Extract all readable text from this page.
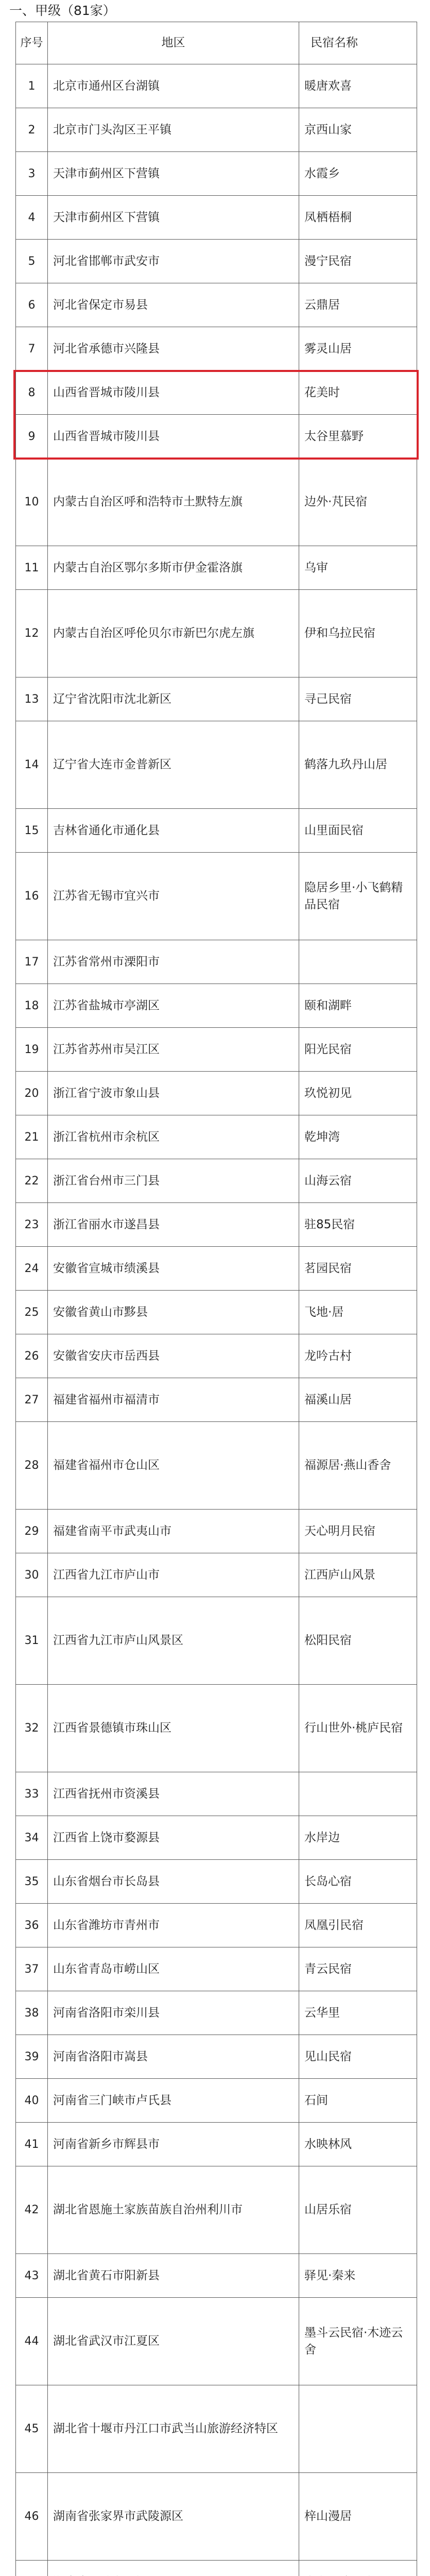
一、甲级（81家）
序号	地区	民宿名称
1	北京市通州区台湖镇	暖唐欢喜
2	北京市门头沟区王平镇	京西山家
3	天津市蓟州区下营镇	水霞乡
4	天津市蓟州区下营镇	凤栖梧桐
5	河北省邯郸市武安市	漫宁民宿
6	河北省保定市易县	云鼎居
7	河北省承德市兴隆县	雾灵山居
8	山西省晋城市陵川县	花美时
9	山西省晋城市陵川县	太谷里慕野
10	内蒙古自治区呼和浩特市土默特左旗	边外·芃民宿
11	内蒙古自治区鄂尔多斯市伊金霍洛旗	乌审
12	内蒙古自治区呼伦贝尔市新巴尔虎左旗	伊和乌拉民宿
13	辽宁省沈阳市沈北新区	寻己民宿
14	辽宁省大连市金普新区	鹤落九玖丹山居
15	吉林省通化市通化县	山里面民宿
16	江苏省无锡市宜兴市	隐居乡里·小飞鹤精品民宿
17	江苏省常州市溧阳市	
18	江苏省盐城市亭湖区	颐和湖畔
19	江苏省苏州市吴江区	阳光民宿
20	浙江省宁波市象山县	玖悦初见
21	浙江省杭州市余杭区	乾坤湾
22	浙江省台州市三门县	山海云宿
23	浙江省丽水市遂昌县	驻85民宿
24	安徽省宣城市绩溪县	茗园民宿
25	安徽省黄山市黟县	飞地·居
26	安徽省安庆市岳西县	龙吟古村
27	福建省福州市福清市	福溪山居
28	福建省福州市仓山区	福源居·燕山香舍
29	福建省南平市武夷山市	天心明月民宿
30	江西省九江市庐山市	江西庐山风景
31	江西省九江市庐山风景区	松阳民宿
32	江西省景德镇市珠山区	行山世外·桃庐民宿
33	江西省抚州市资溪县	
34	江西省上饶市婺源县	水岸边
35	山东省烟台市长岛县	长岛心宿
36	山东省潍坊市青州市	凤凰引民宿
37	山东省青岛市崂山区	青云民宿
38	河南省洛阳市栾川县	云华里
39	河南省洛阳市嵩县	见山民宿
40	河南省三门峡市卢氏县	石间
41	河南省新乡市辉县市	水映林风
42	湖北省恩施土家族苗族自治州利川市	山居乐宿
43	湖北省黄石市阳新县	驿见·秦来
44	湖北省武汉市江夏区	墨斗云民宿·木迹云舍
45	湖北省十堰市丹江口市武当山旅游经济特区	
46	湖南省张家界市武陵源区	梓山漫居
